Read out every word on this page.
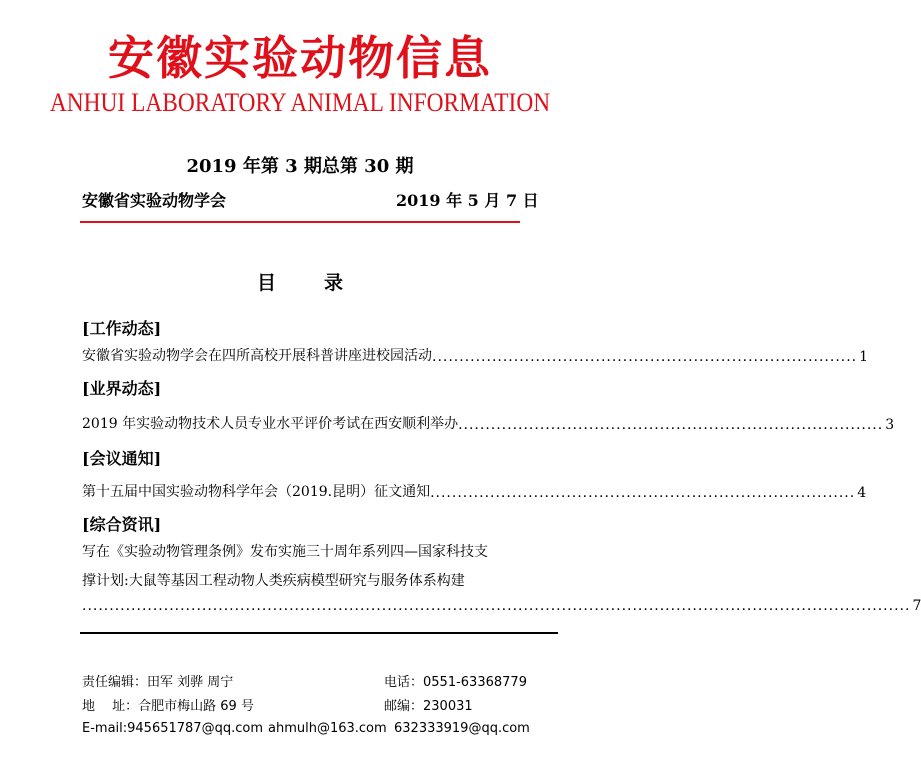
安徽实验动物信息
ANHUI LABORATORY ANIMAL INFORMATION
2019 年第 3 期总第 30 期
安徽省实验动物学会	2019 年 5 月 7 日
目录
[工作动态]
安徽省实验动物学会在四所高校开展科普讲座进校园活动 .............................................................................. 1
[业界动态]
2019 年实验动物技术人员专业水平评价考试在西安顺利举办 .............................................................................. 3
[会议通知]
第十五届中国实验动物科学年会（2019.昆明）征文通知 .............................................................................. 4
[综合资讯]
写在《实验动物管理条例》发布实施三十周年系列四—国家科技支
撑计划:大鼠等基因工程动物人类疾病模型研究与服务体系构建
........................................................................................................................................................ 7
责任编辑：田军 刘骅 周宁	电话：0551-63368779
地　 址：合肥市梅山路 69 号	邮编：230031
E-mail:945651787@qq.com ahmulh@163.com 632333919@qq.com
